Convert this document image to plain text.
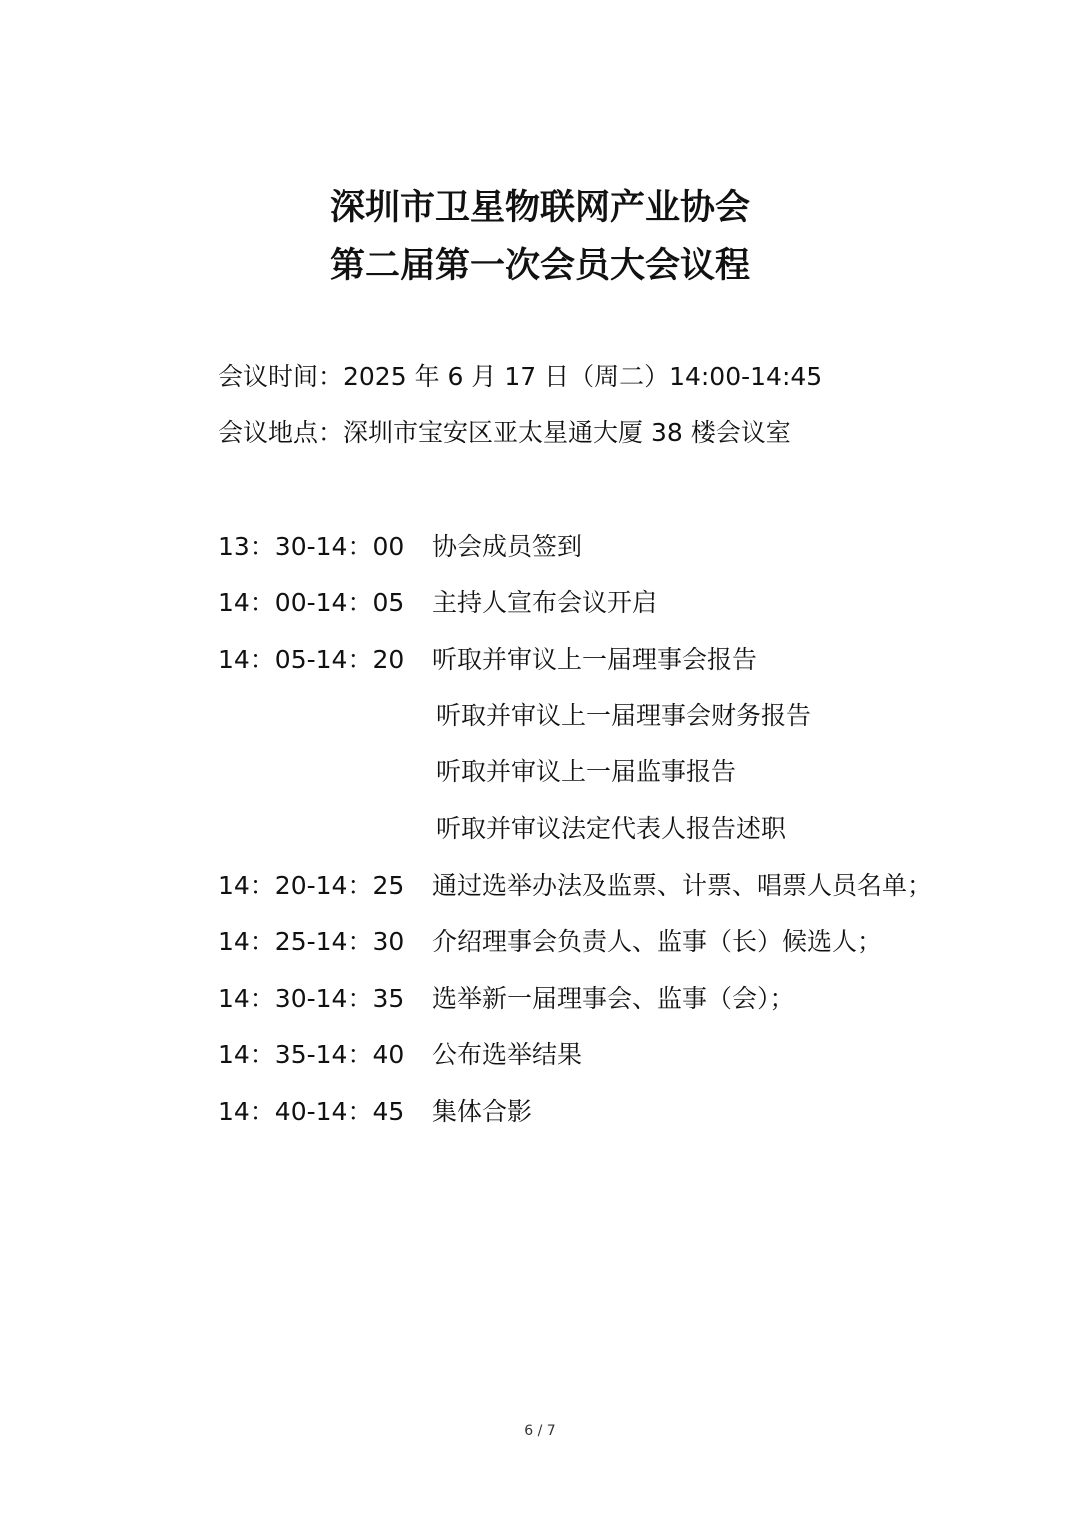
深圳市卫星物联网产业协会
第二届第一次会员大会议程
会议时间：2025 年 6 月 17 日（周二）14:00-14:45
会议地点：深圳市宝安区亚太星通大厦 38 楼会议室
13：30-14：00 协会成员签到
14：00-14：05 主持人宣布会议开启
14：05-14：20 听取并审议上一届理事会报告
听取并审议上一届理事会财务报告
听取并审议上一届监事报告
听取并审议法定代表人报告述职
14：20-14：25 通过选举办法及监票、计票、唱票人员名单；
14：25-14：30 介绍理事会负责人、监事（长）候选人；
14：30-14：35 选举新一届理事会、监事（会）；
14：35-14：40 公布选举结果
14：40-14：45 集体合影
6 / 7
